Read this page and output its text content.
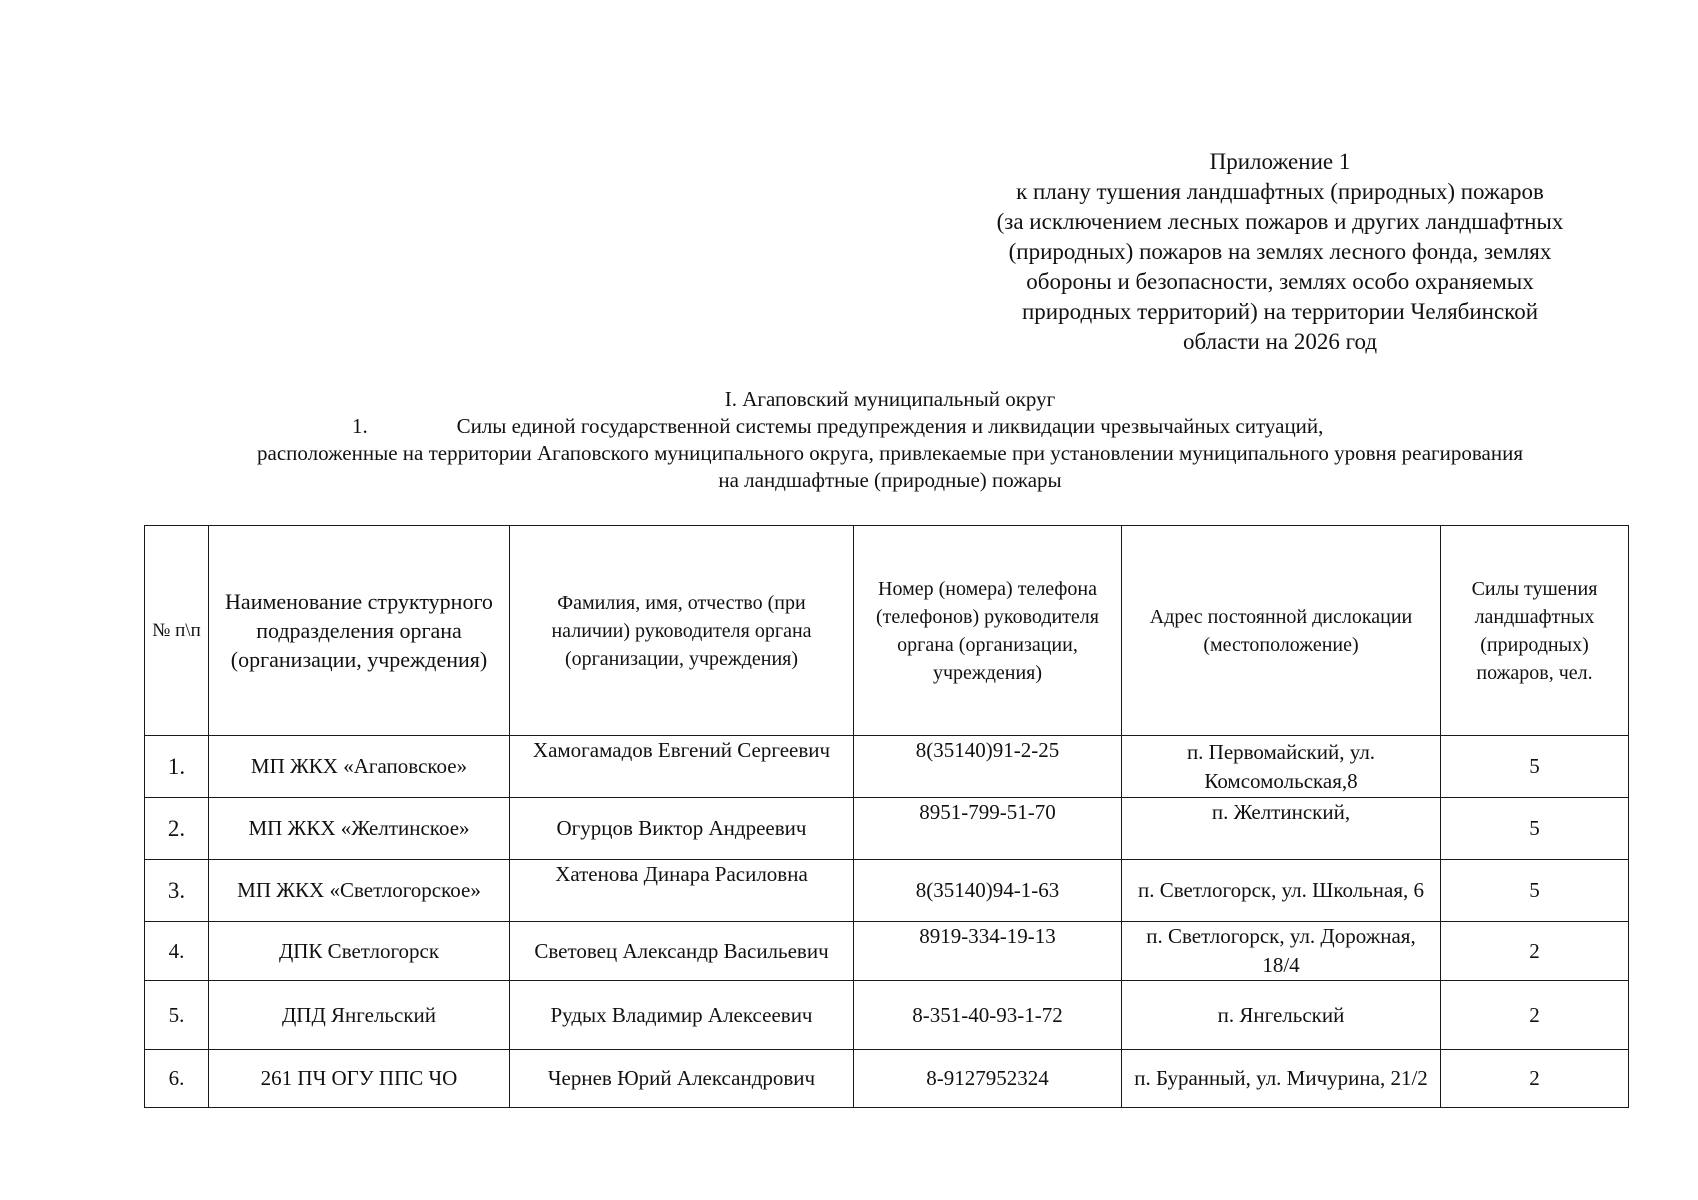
Приложение 1
к плану тушения ландшафтных (природных) пожаров
(за исключением лесных пожаров и других ландшафтных
(природных) пожаров на землях лесного фонда, землях
обороны и безопасности, землях особо охраняемых
природных территорий) на территории Челябинской
области на 2026 год
I. Агаповский муниципальный округ
1.	Силы единой государственной системы предупреждения и ликвидации чрезвычайных ситуаций,
расположенные на территории Агаповского муниципального округа, привлекаемые при установлении муниципального уровня реагирования
на ландшафтные (природные) пожары
№ п\п	Наименование структурного подразделения органа (организации, учреждения)	Фамилия, имя, отчество (при наличии) руководителя органа (организации, учреждения)	Номер (номера) телефона (телефонов) руководителя органа (организации, учреждения)	Адрес постоянной дислокации (местоположение)	Силы тушения ландшафтных (природных) пожаров, чел.
1.	МП ЖКХ «Агаповское»	Хамогамадов Евгений Сергеевич	8(35140)91-2-25	п. Первомайский, ул. Комсомольская,8	5
2.	МП ЖКХ «Желтинское»	Огурцов Виктор Андреевич	8951-799-51-70	п. Желтинский,	5
3.	МП ЖКХ «Светлогорское»	Хатенова Динара Расиловна	8(35140)94-1-63	п. Светлогорск, ул. Школьная, 6	5
4.	ДПК Светлогорск	Световец Александр Васильевич	8919-334-19-13	п. Светлогорск, ул. Дорожная, 18/4	2
5.	ДПД Янгельский	Рудых Владимир Алексеевич	8-351-40-93-1-72	п. Янгельский	2
6.	261 ПЧ ОГУ ППС ЧО	Чернев Юрий Александрович	8-9127952324	п. Буранный, ул. Мичурина, 21/2	2
